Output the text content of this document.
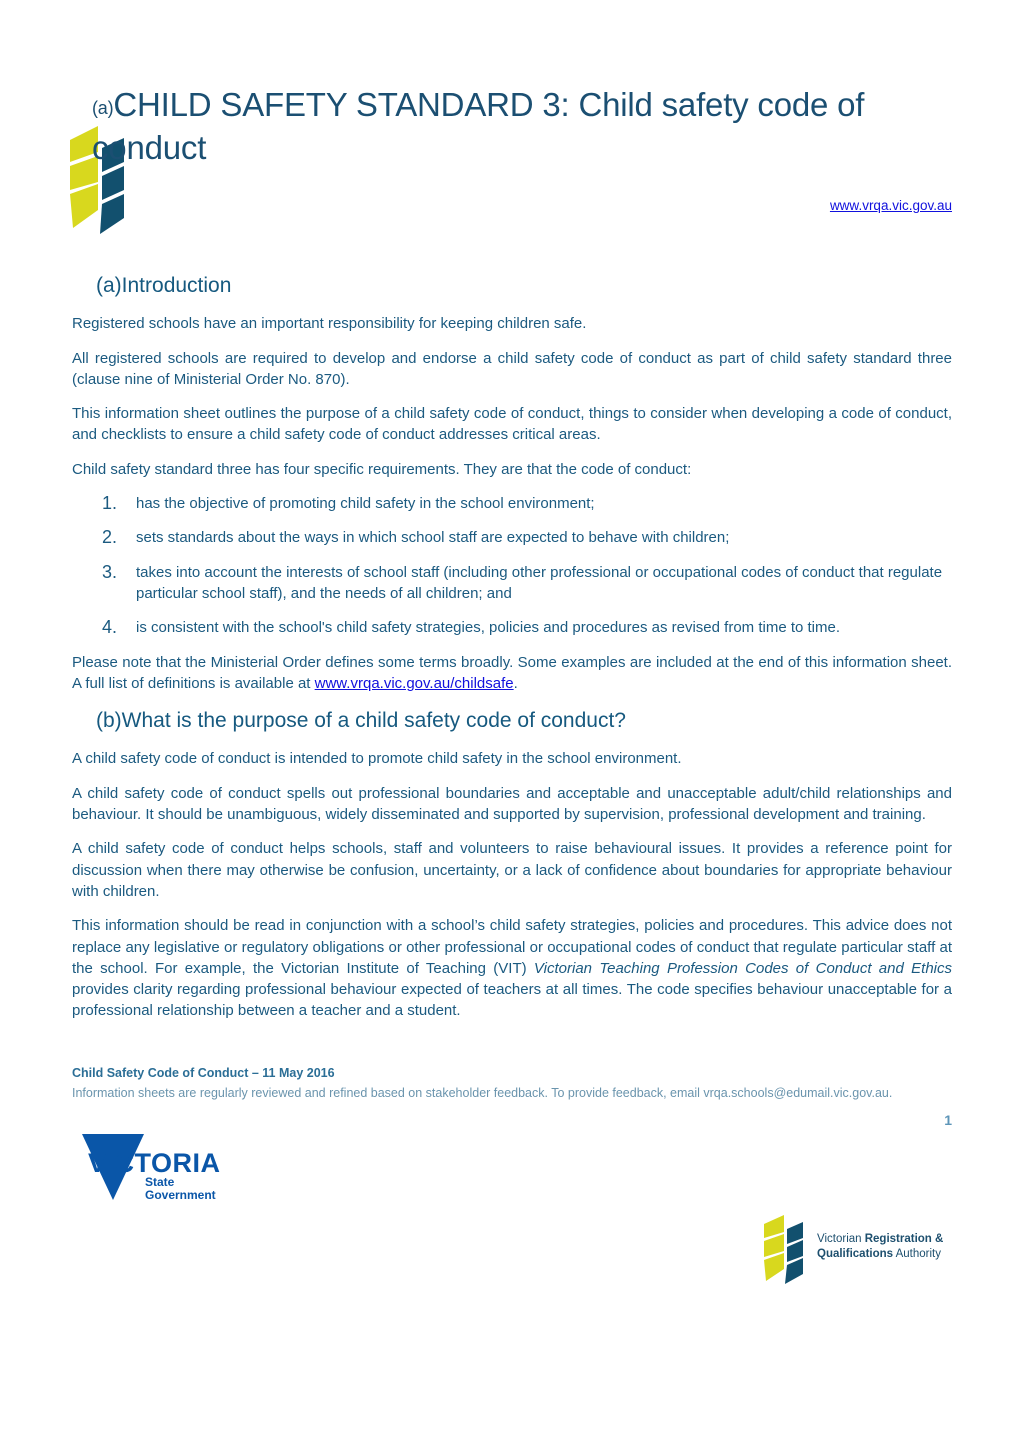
(a)CHILD SAFETY STANDARD 3: Child safety code of conduct
www.vrqa.vic.gov.au
(a)Introduction

Registered schools have an important responsibility for keeping children safe.

All registered schools are required to develop and endorse a child safety code of conduct as part of child safety standard three (clause nine of Ministerial Order No. 870).

This information sheet outlines the purpose of a child safety code of conduct, things to consider when developing a code of conduct, and checklists to ensure a child safety code of conduct addresses critical areas.

Child safety standard three has four specific requirements. They are that the code of conduct:

1. has the objective of promoting child safety in the school environment;
2. sets standards about the ways in which school staff are expected to behave with children;
3. takes into account the interests of school staff (including other professional or occupational codes of conduct that regulate particular school staff), and the needs of all children; and
4. is consistent with the school's child safety strategies, policies and procedures as revised from time to time.

Please note that the Ministerial Order defines some terms broadly. Some examples are included at the end of this information sheet. A full list of definitions is available at www.vrqa.vic.gov.au/childsafe.

(b)What is the purpose of a child safety code of conduct?

A child safety code of conduct is intended to promote child safety in the school environment.

A child safety code of conduct spells out professional boundaries and acceptable and unacceptable adult/child relationships and behaviour. It should be unambiguous, widely disseminated and supported by supervision, professional development and training.

A child safety code of conduct helps schools, staff and volunteers to raise behavioural issues. It provides a reference point for discussion when there may otherwise be confusion, uncertainty, or a lack of confidence about boundaries for appropriate behaviour with children.

This information should be read in conjunction with a school’s child safety strategies, policies and procedures. This advice does not replace any legislative or regulatory obligations or other professional or occupational codes of conduct that regulate particular staff at the school. For example, the Victorian Institute of Teaching (VIT) Victorian Teaching Profession Codes of Conduct and Ethics provides clarity regarding professional behaviour expected of teachers at all times. The code specifies behaviour unacceptable for a professional relationship between a teacher and a student.

Child Safety Code of Conduct – 11 May 2016

Information sheets are regularly reviewed and refined based on stakeholder feedback. To provide feedback, email vrqa.schools@edumail.vic.gov.au.

1
VICTORIA
State
Government
Victorian Registration &
Qualifications Authority
